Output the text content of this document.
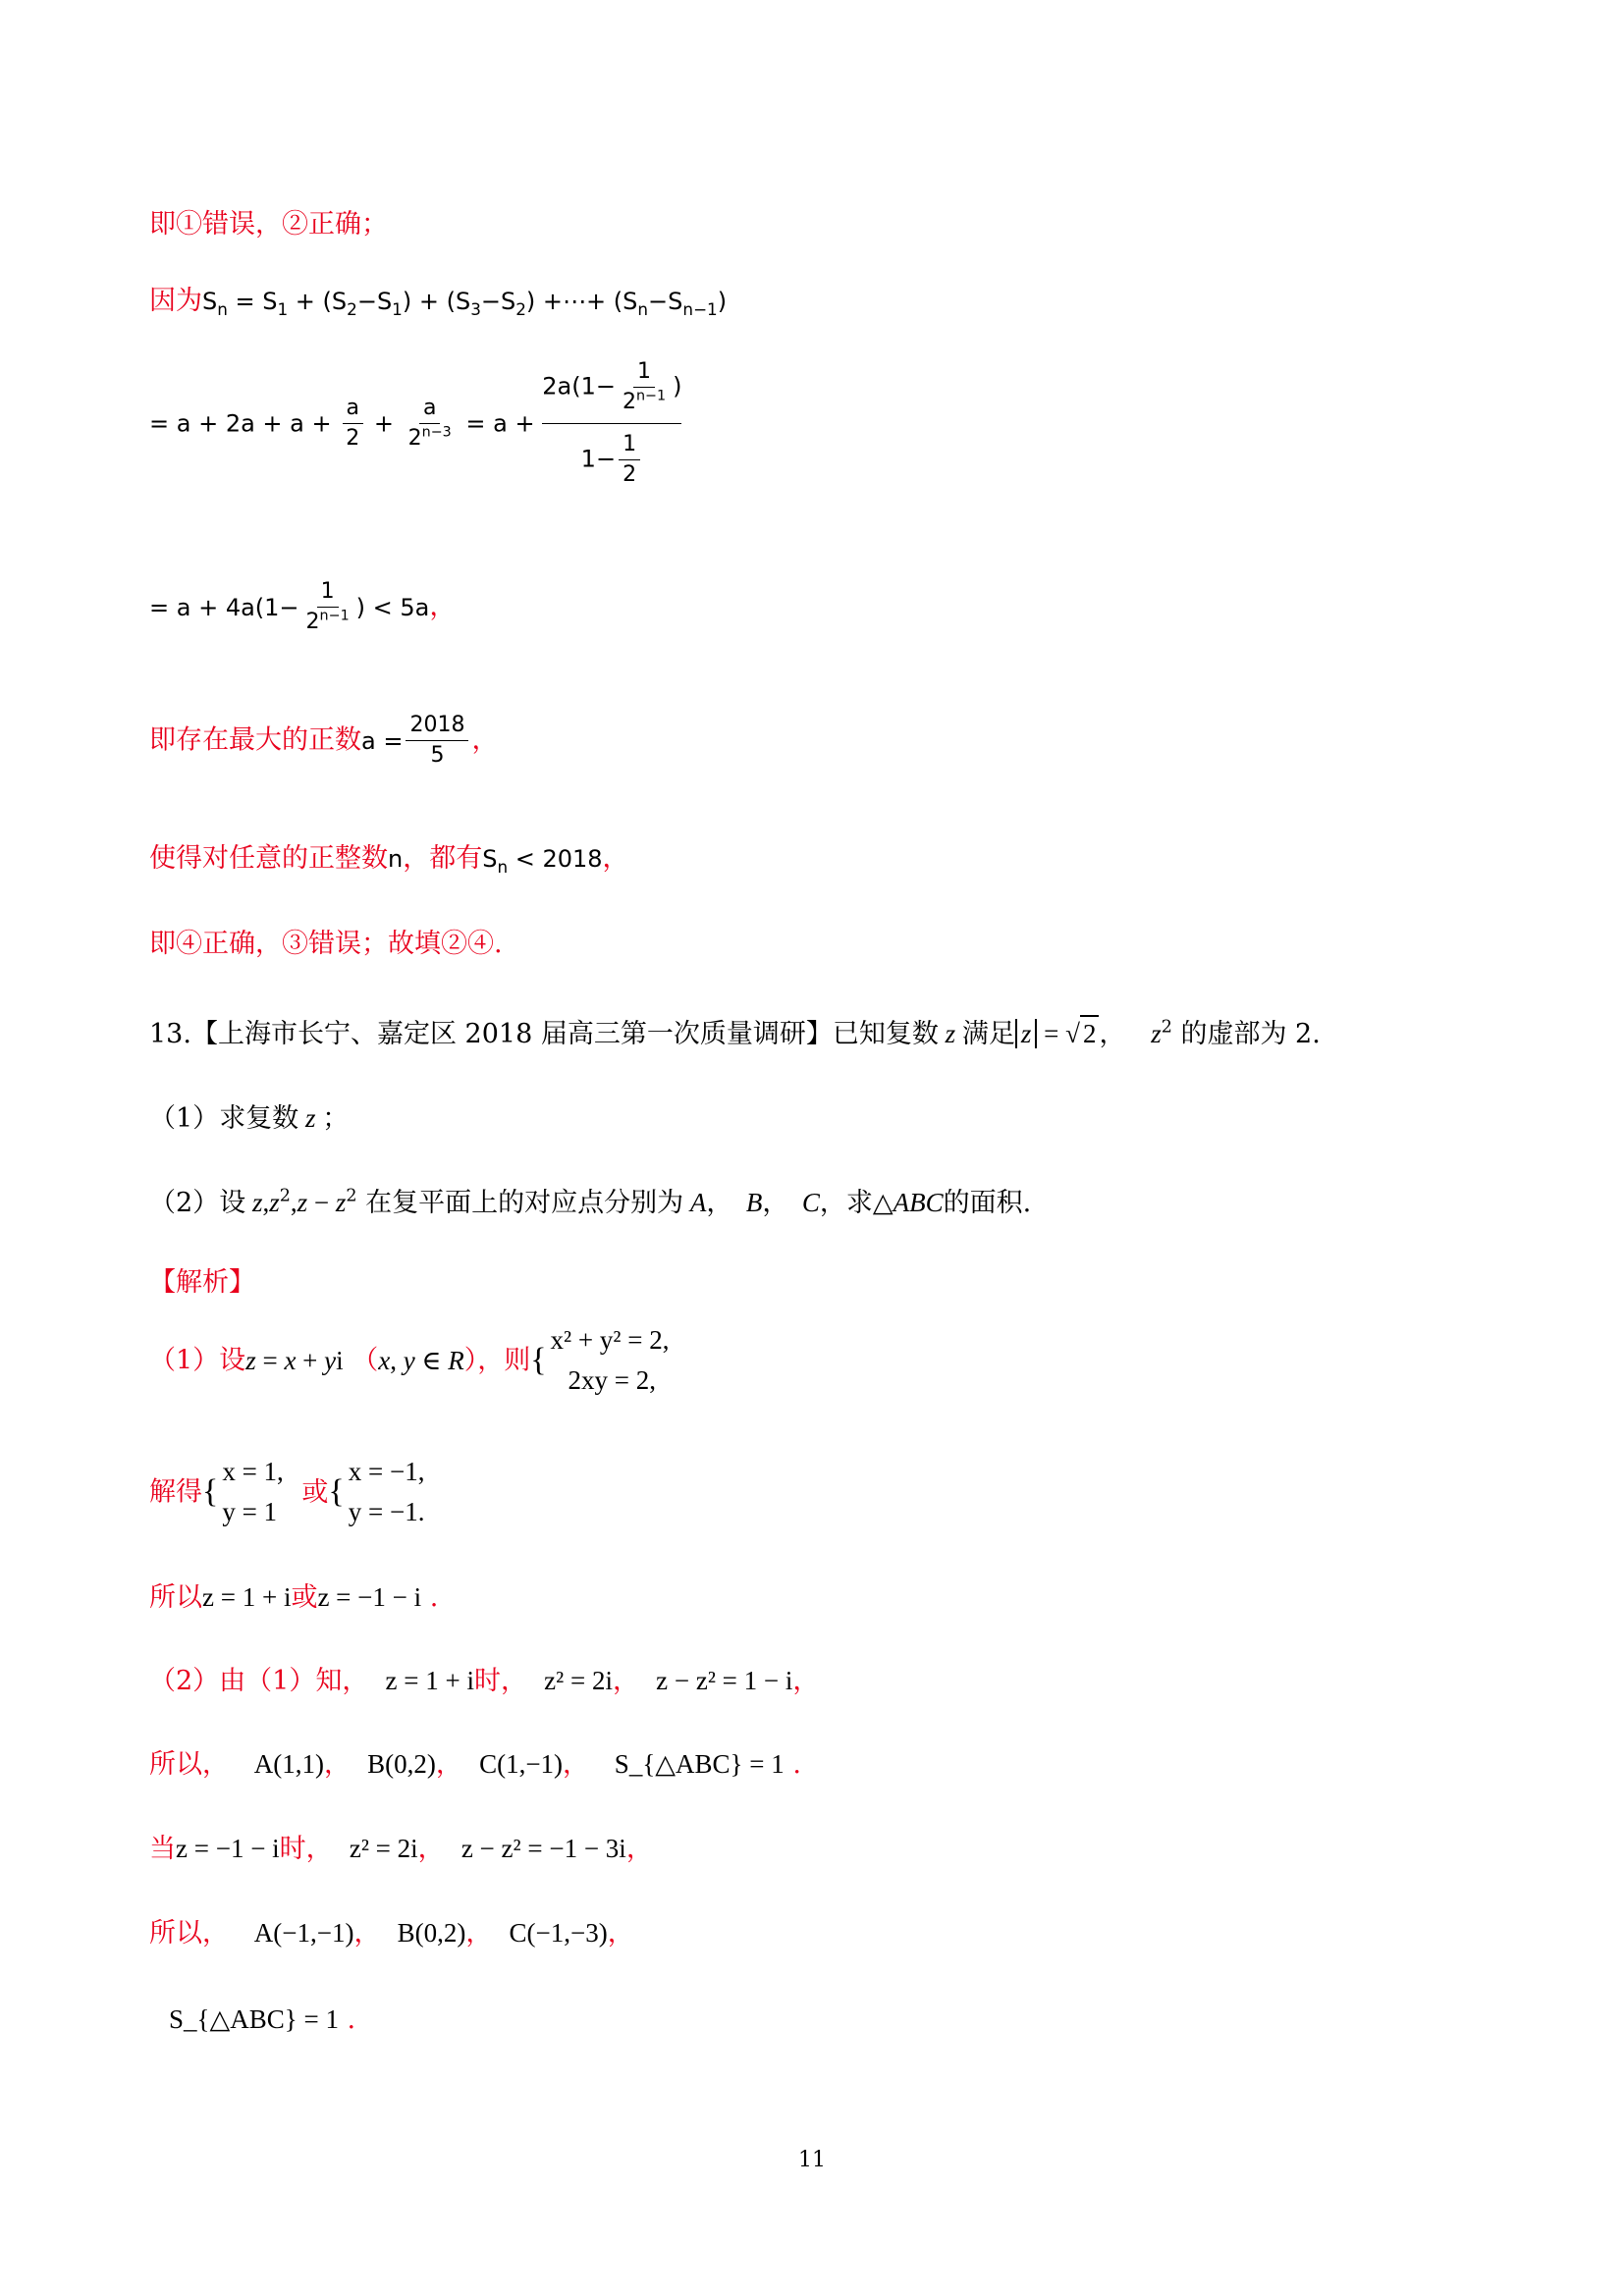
即①错误，②正确；
因为$S_n = S_1 + (S_2-S_1) + (S_3-S_2)$ +⋯+ $(S_n-S_{n-1})$
= $a + 2a + a + \frac{a}{2} + \frac{a}{2^{n-3}} = a + \frac{2a(1- \frac{1}{2^{n-1}} )}{1- \frac{1}{2}}$
= $a + 4a(1- \frac{1}{2^{n-1}}$ ) < 5a，
即存在最大的正数$a = \frac{2018}{5}$ ，
使得对任意的正整数n，都有$S_n < 2018$，
即④正确，③错误；故填②④.
13.【上海市长宁、嘉定区 2018 届高三第一次质量调研】已知复数 z 满足 z = √ 2 ， $z^2$ 的虚部为 2.
（1）求复数 z ；
（2）设 $z,z^2,z - z^2$ 在复平面上的对应点分别为 A，  B，  C，求△ABC的面积.
【解析】
（1）设z = x + yi （x, y ∈ R），则 {
x² + y² = 2,
2xy = 2,
解得 {
x = 1,
y = 1
或 {
x = −1,
y = −1.
所以z = 1 + i或z = −1 − i .
（2）由（1）知， z = 1 + i时， z² = 2i， z − z² = 1 − i，
所以， A(1,1)， B(0,2)， C(1,−1)， S_{△ABC} = 1 .
当z = −1 − i时， z² = 2i， z − z² = −1 − 3i，
所以， A(−1,−1)， B(0,2)， C(−1,−3)，
S_{△ABC} = 1 .
11
